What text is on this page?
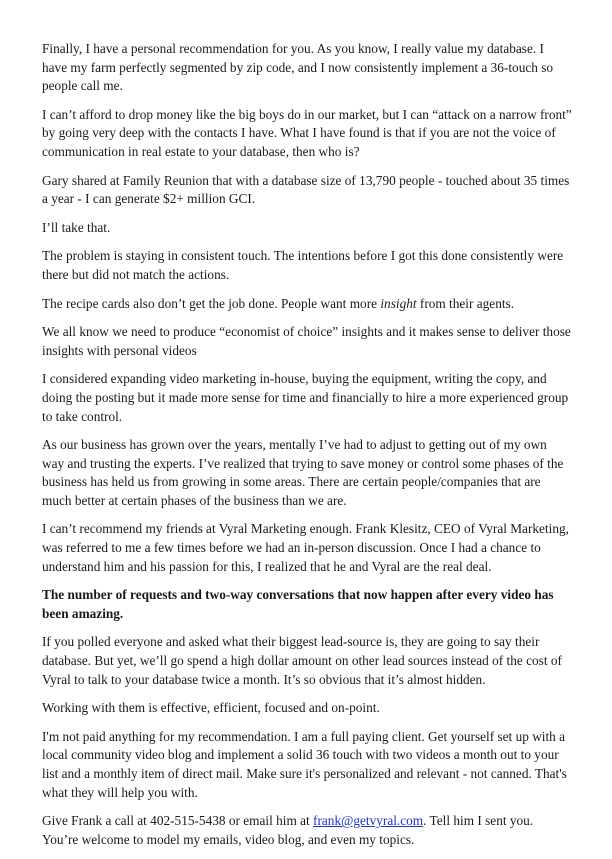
Finally, I have a personal recommendation for you. As you know, I really value my database. I have my farm perfectly segmented by zip code, and I now consistently implement a 36-touch so people call me.

I can’t afford to drop money like the big boys do in our market, but I can “attack on a narrow front” by going very deep with the contacts I have. What I have found is that if you are not the voice of communication in real estate to your database, then who is?

Gary shared at Family Reunion that with a database size of 13,790 people - touched about 35 times a year - I can generate $2+ million GCI.

I’ll take that.

The problem is staying in consistent touch. The intentions before I got this done consistently were there but did not match the actions.

The recipe cards also don’t get the job done. People want more insight from their agents.

We all know we need to produce “economist of choice” insights and it makes sense to deliver those insights with personal videos

I considered expanding video marketing in-house, buying the equipment, writing the copy, and doing the posting but it made more sense for time and financially to hire a more experienced group to take control.

As our business has grown over the years, mentally I’ve had to adjust to getting out of my own way and trusting the experts. I’ve realized that trying to save money or control some phases of the business has held us from growing in some areas. There are certain people/companies that are much better at certain phases of the business than we are.

I can’t recommend my friends at Vyral Marketing enough. Frank Klesitz, CEO of Vyral Marketing, was referred to me a few times before we had an in-person discussion. Once I had a chance to understand him and his passion for this, I realized that he and Vyral are the real deal.

The number of requests and two-way conversations that now happen after every video has been amazing.

If you polled everyone and asked what their biggest lead-source is, they are going to say their database. But yet, we’ll go spend a high dollar amount on other lead sources instead of the cost of Vyral to talk to your database twice a month. It’s so obvious that it’s almost hidden.

Working with them is effective, efficient, focused and on-point.

I'm not paid anything for my recommendation. I am a full paying client. Get yourself set up with a local community video blog and implement a solid 36 touch with two videos a month out to your list and a monthly item of direct mail. Make sure it's personalized and relevant - not canned. That's what they will help you with.

Give Frank a call at 402-515-5438 or email him at frank@getvyral.com. Tell him I sent you. You’re welcome to model my emails, video blog, and even my topics.
